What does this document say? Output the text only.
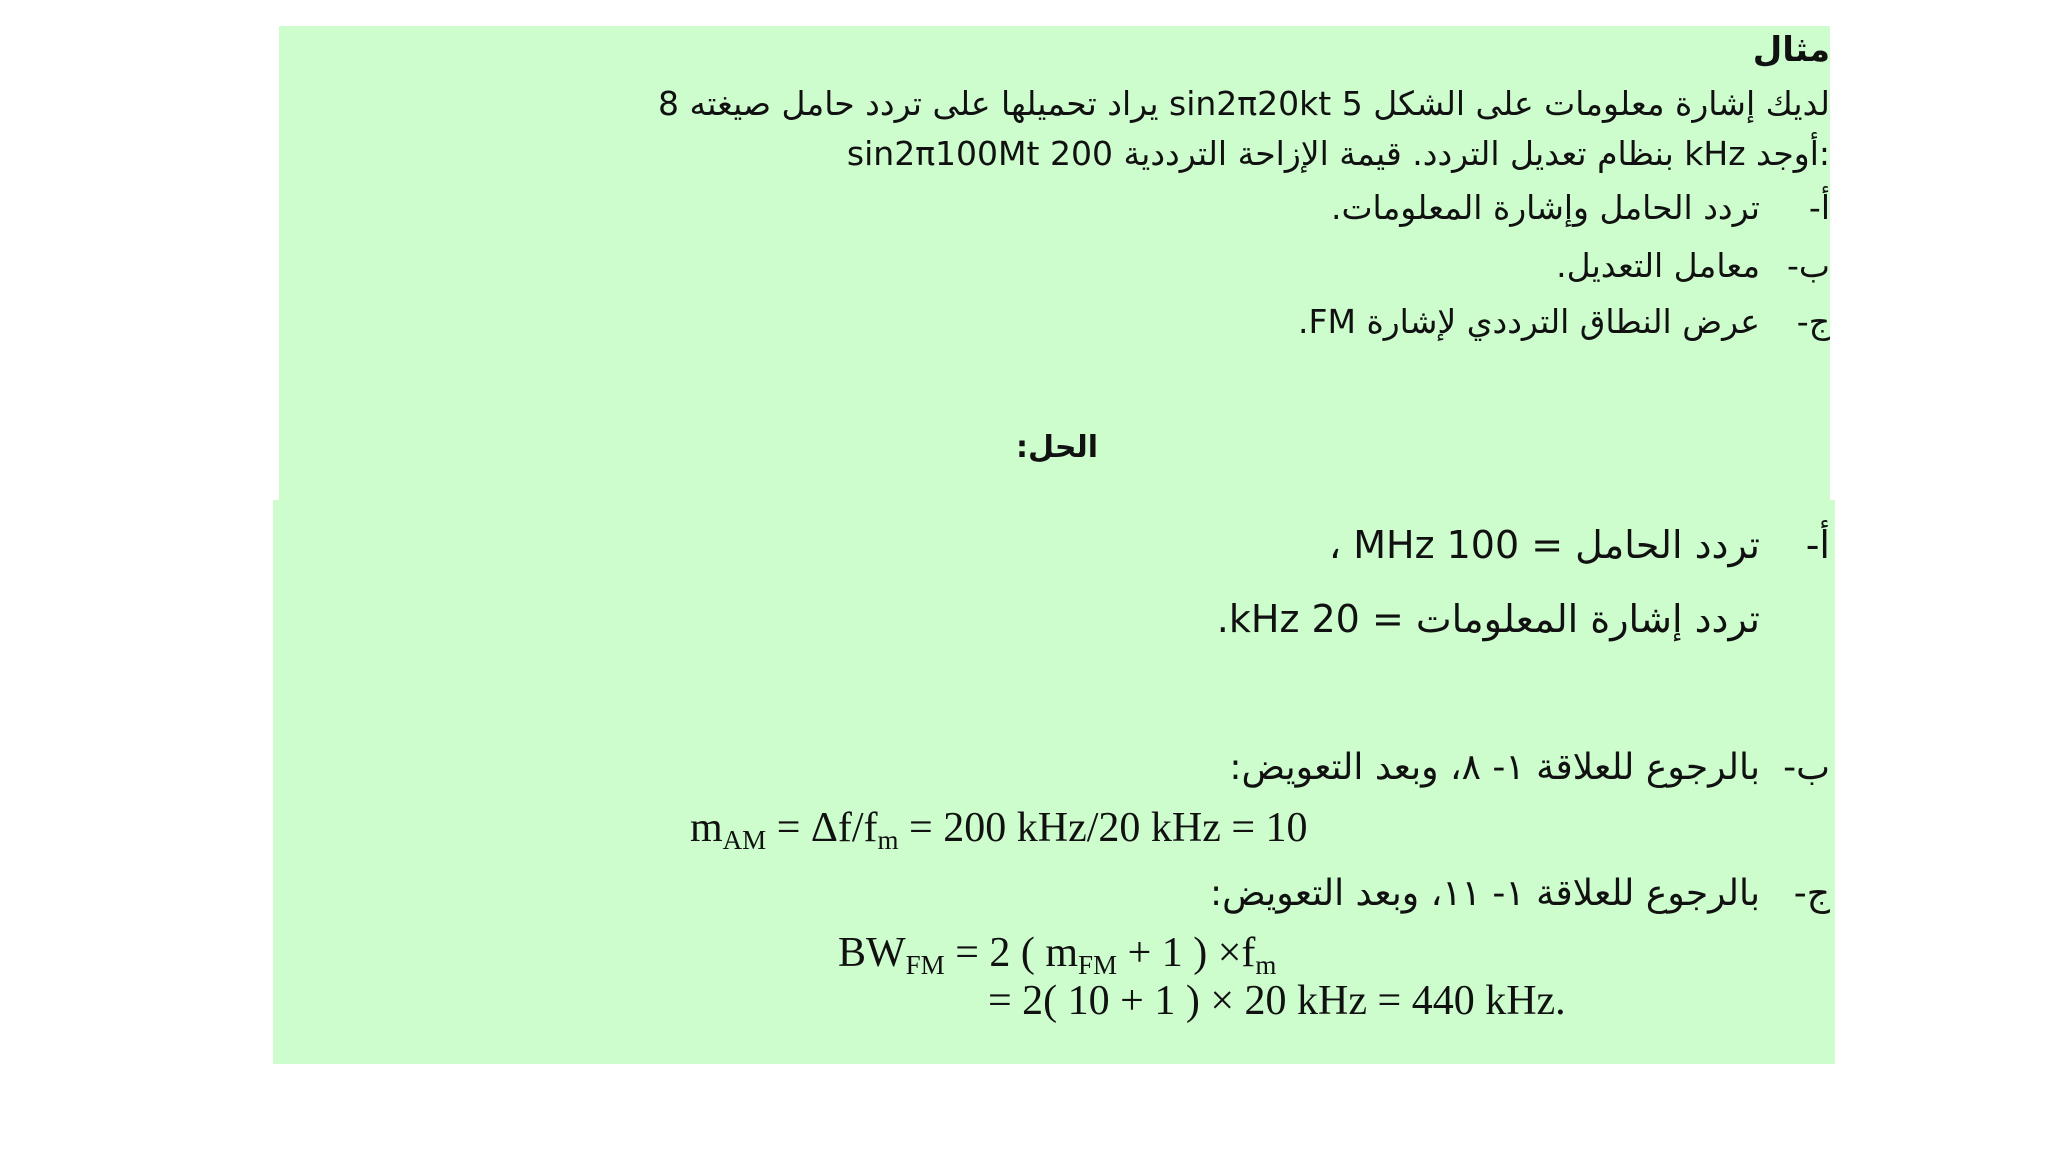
مثال
لديك إشارة معلومات على الشكل 5 sin2π20kt يراد تحميلها على تردد حامل صيغته 8
sin2π100Mt بنظام تعديل التردد. قيمة الإزاحة الترددية 200 kHz أوجد:
أ-تردد الحامل وإشارة المعلومات.
ب-معامل التعديل.
ج-عرض النطاق الترددي لإشارة FM.
الحل:
أ-تردد الحامل = 100 MHz ،
تردد إشارة المعلومات = 20 kHz.
ب-بالرجوع للعلاقة ١- ٨، وبعد التعويض:
$m_{AM} = \Delta f/f_m = 200$ kHz/20 kHz = 10
ج-بالرجوع للعلاقة ١- ١١، وبعد التعويض:
$BW_{FM} = 2$ ( $m_{FM} + 1$ ) $\times f_m$
= 2( 10 + 1 ) × 20 kHz = 440 kHz.
